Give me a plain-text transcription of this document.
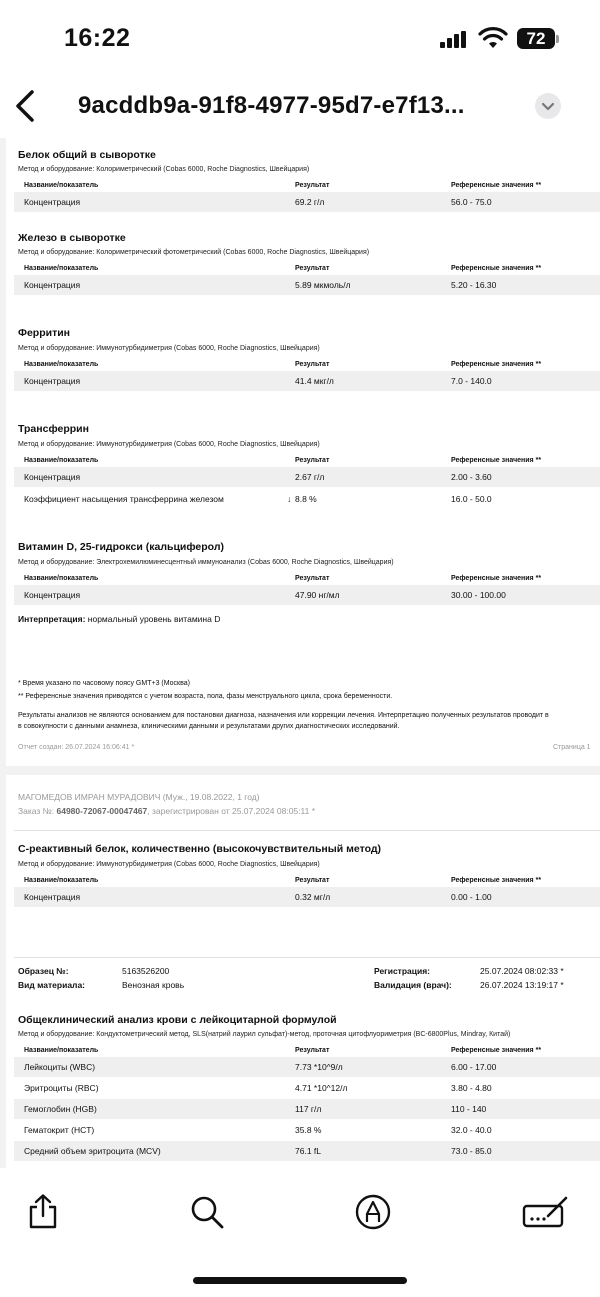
16:22	72
9acddb9a-91f8-4977-95d7-e7f13...
Белок общий в сыворотке
Метод и оборудование: Колориметрический (Cobas 6000, Roche Diagnostics, Швейцария)
Название/показатель	Результат	Референсные значения **
Концентрация	69.2 г/л	56.0 - 75.0
Железо в сыворотке
Метод и оборудование: Колориметрический фотометрический (Cobas 6000, Roche Diagnostics, Швейцария)
Название/показатель	Результат	Референсные значения **
Концентрация	5.89 мкмоль/л	5.20 - 16.30
Ферритин
Метод и оборудование: Иммунотурбидиметрия (Cobas 6000, Roche Diagnostics, Швейцария)
Название/показатель	Результат	Референсные значения **
Концентрация	41.4 мкг/л	7.0 - 140.0
Трансферрин
Метод и оборудование: Иммунотурбидиметрия (Cobas 6000, Roche Diagnostics, Швейцария)
Название/показатель	Результат	Референсные значения **
Концентрация	2.67 г/л	2.00 - 3.60
Коэффициент насыщения трансферрина железом	↓ 8.8 %	16.0 - 50.0
Витамин D, 25-гидрокси (кальциферол)
Метод и оборудование: Электрохемилюминесцентный иммуноанализ (Cobas 6000, Roche Diagnostics, Швейцария)
Название/показатель	Результат	Референсные значения **
Концентрация	47.90 нг/мл	30.00 - 100.00
Интерпретация: нормальный уровень витамина D
* Время указано по часовому поясу GMT+3 (Москва)
** Референсные значения приводятся с учетом возраста, пола, фазы менструального цикла, срока беременности.
Результаты анализов не являются основанием для постановки диагноза, назначения или коррекции лечения. Интерпретацию полученных результатов проводит в
в совокупности с данными анамнеза, клиническими данными и результатами других диагностических исследований.
Отчет создан: 26.07.2024 16:06:41 *	Страница 1
МАГОМЕДОВ ИМРАН МУРАДОВИЧ (Муж., 19.08.2022, 1 год)
Заказ №: 64980-72067-00047467, зарегистрирован от 25.07.2024 08:05:11 *
С-реактивный белок, количественно (высокочувствительный метод)
Метод и оборудование: Иммунотурбидиметрия (Cobas 6000, Roche Diagnostics, Швейцария)
Название/показатель	Результат	Референсные значения **
Концентрация	0.32 мг/л	0.00 - 1.00
Образец №:	5163526200
Вид материала:	Венозная кровь
Регистрация:	25.07.2024 08:02:33 *
Валидация (врач):	26.07.2024 13:19:17 *
Общеклинический анализ крови с лейкоцитарной формулой
Метод и оборудование: Кондуктометрический метод, SLS(натрий лаурил сульфат)-метод, проточная цитофлуориметрия (BC-6800Plus, Mindray, Китай)
Название/показатель	Результат	Референсные значения **
Лейкоциты (WBC)	7.73 *10^9/л	6.00 - 17.00
Эритроциты (RBC)	4.71 *10^12/л	3.80 - 4.80
Гемоглобин (HGB)	117 г/л	110 - 140
Гематокрит (HCT)	35.8 %	32.0 - 40.0
Средний объем эритроцита (MCV)	76.1 fL	73.0 - 85.0
